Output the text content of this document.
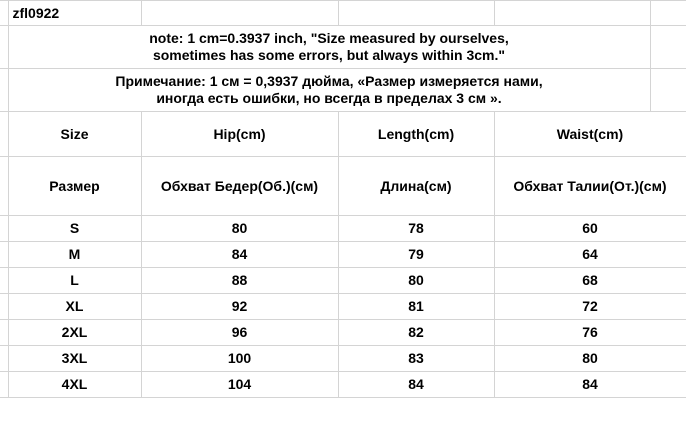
	zfl0922				

	note: 1 cm=0.3937 inch, "Size measured by ourselves,
sometimes has some errors, but always within 3cm."				

	Примечание: 1 см = 0,3937 дюйма, «Размер измеряется нами,
иногда есть ошибки, но всегда в пределах 3 см ».				

	Size	Hip(cm)	Length(cm)	Waist(cm)	
	Размер	Обхват Бедер(Об.)(см)	Длина(см)	Обхват Талии(От.)(см)	
	S	80	78	60	
	M	84	79	64	
	L	88	80	68	
	XL	92	81	72	
	2XL	96	82	76	
	3XL	100	83	80	
	4XL	104	84	84	
